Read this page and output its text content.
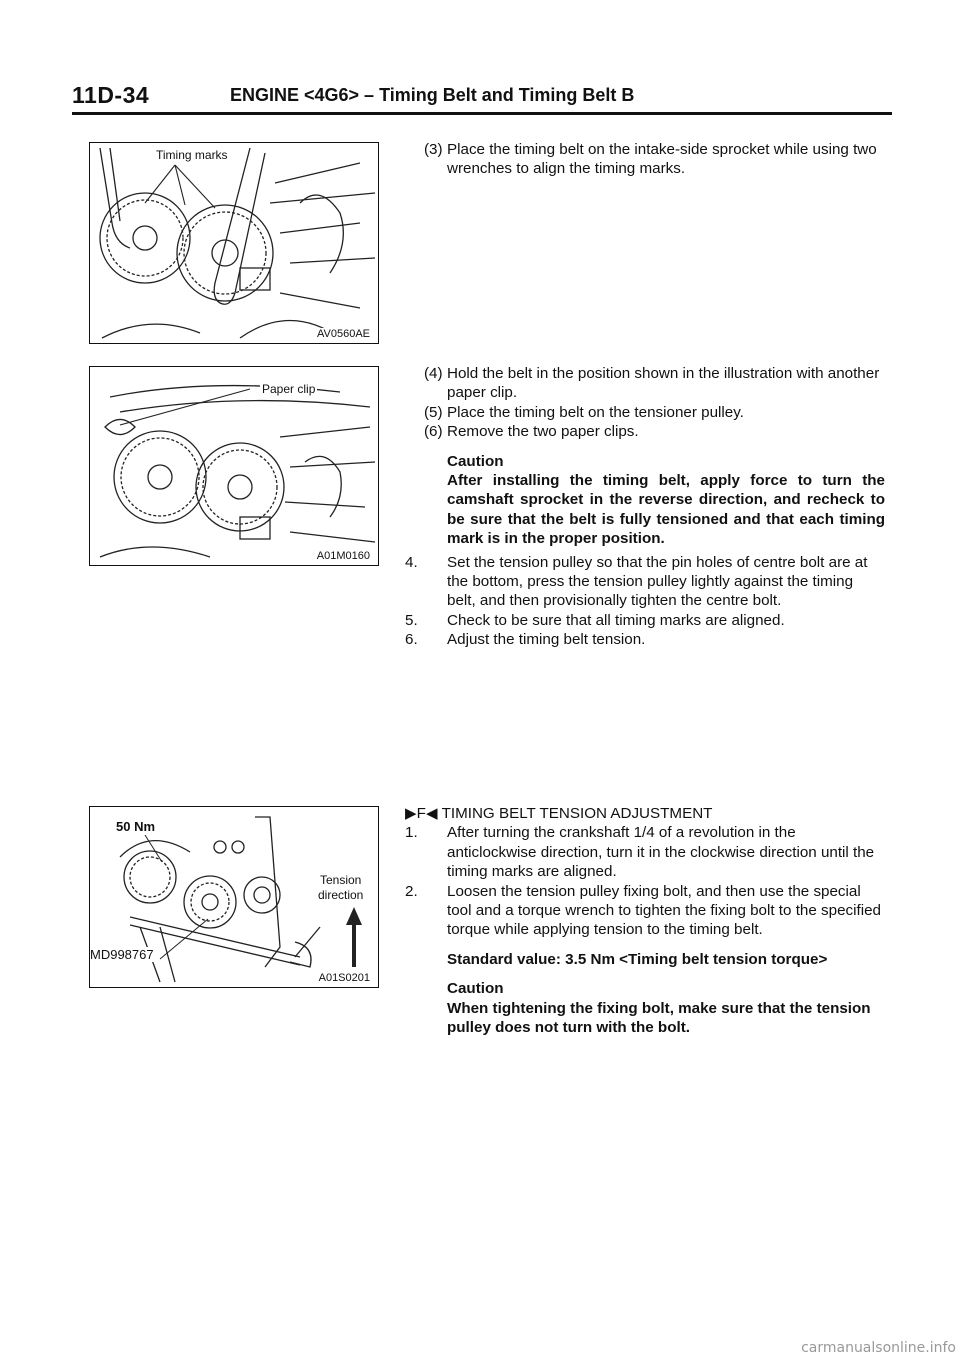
11D-34	ENGINE <4G6> – Timing Belt and Timing Belt B
Timing marks
AV0560AE
Paper clip
A01M0160
50 Nm
MD998767
Tension
direction
A01S0201
(3) Place the timing belt on the intake-side sprocket while using two wrenches to align the timing marks.
(4) Hold the belt in the position shown in the illustration with another paper clip.
(5) Place the timing belt on the tensioner pulley.
(6) Remove the two paper clips.
Caution
After installing the timing belt, apply force to turn the camshaft sprocket in the reverse direction, and recheck to be sure that the belt is fully tensioned and that each timing mark is in the proper position.
4. Set the tension pulley so that the pin holes of centre bolt are at the bottom, press the tension pulley lightly against the timing belt, and then provisionally tighten the centre bolt.
5. Check to be sure that all timing marks are aligned.
6. Adjust the timing belt tension.
▶F◀ TIMING BELT TENSION ADJUSTMENT
1. After turning the crankshaft 1/4 of a revolution in the anticlockwise direction, turn it in the clockwise direction until the timing marks are aligned.
2. Loosen the tension pulley fixing bolt, and then use the special tool and a torque wrench to tighten the fixing bolt to the specified torque while applying tension to the timing belt.
Standard value: 3.5 Nm <Timing belt tension torque>
Caution
When tightening the fixing bolt, make sure that the tension pulley does not turn with the bolt.
carmanualsonline.info
